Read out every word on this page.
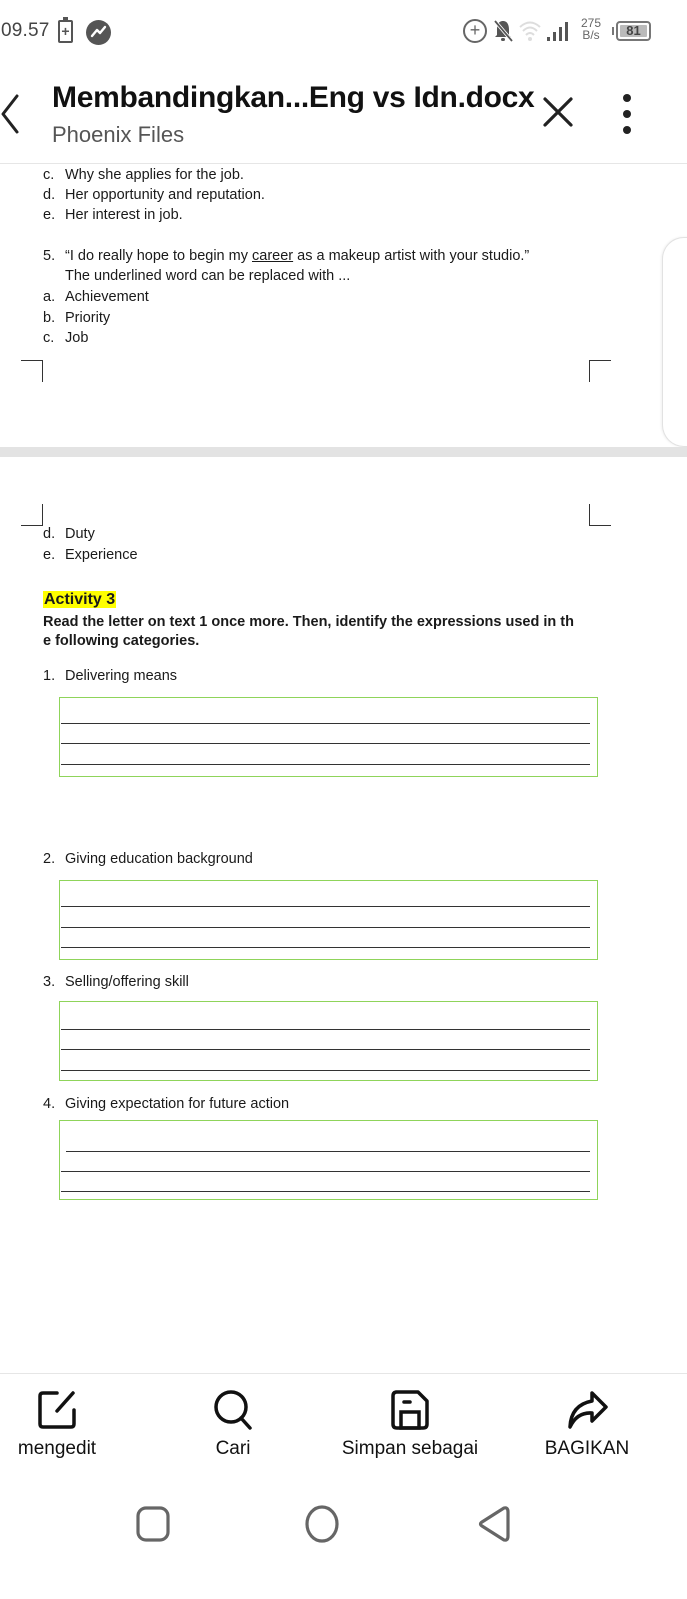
09.57 +	+	275
B/s	81
Membandingkan...Eng vs Idn.docx
Phoenix Files
c. Why she applies for the job.
d. Her opportunity and reputation.
e. Her interest in job.
5. “I do really hope to begin my career as a makeup artist with your studio.”
The underlined word can be replaced with ...
a. Achievement
b. Priority
c. Job
d. Duty
e. Experience
Activity 3
Read the letter on text 1 once more. Then, identify the expressions used in th
e following categories.
1. Delivering means
2. Giving education background
3. Selling/offering skill
4. Giving expectation for future action
mengedit	Cari	Simpan sebagai	BAGIKAN
